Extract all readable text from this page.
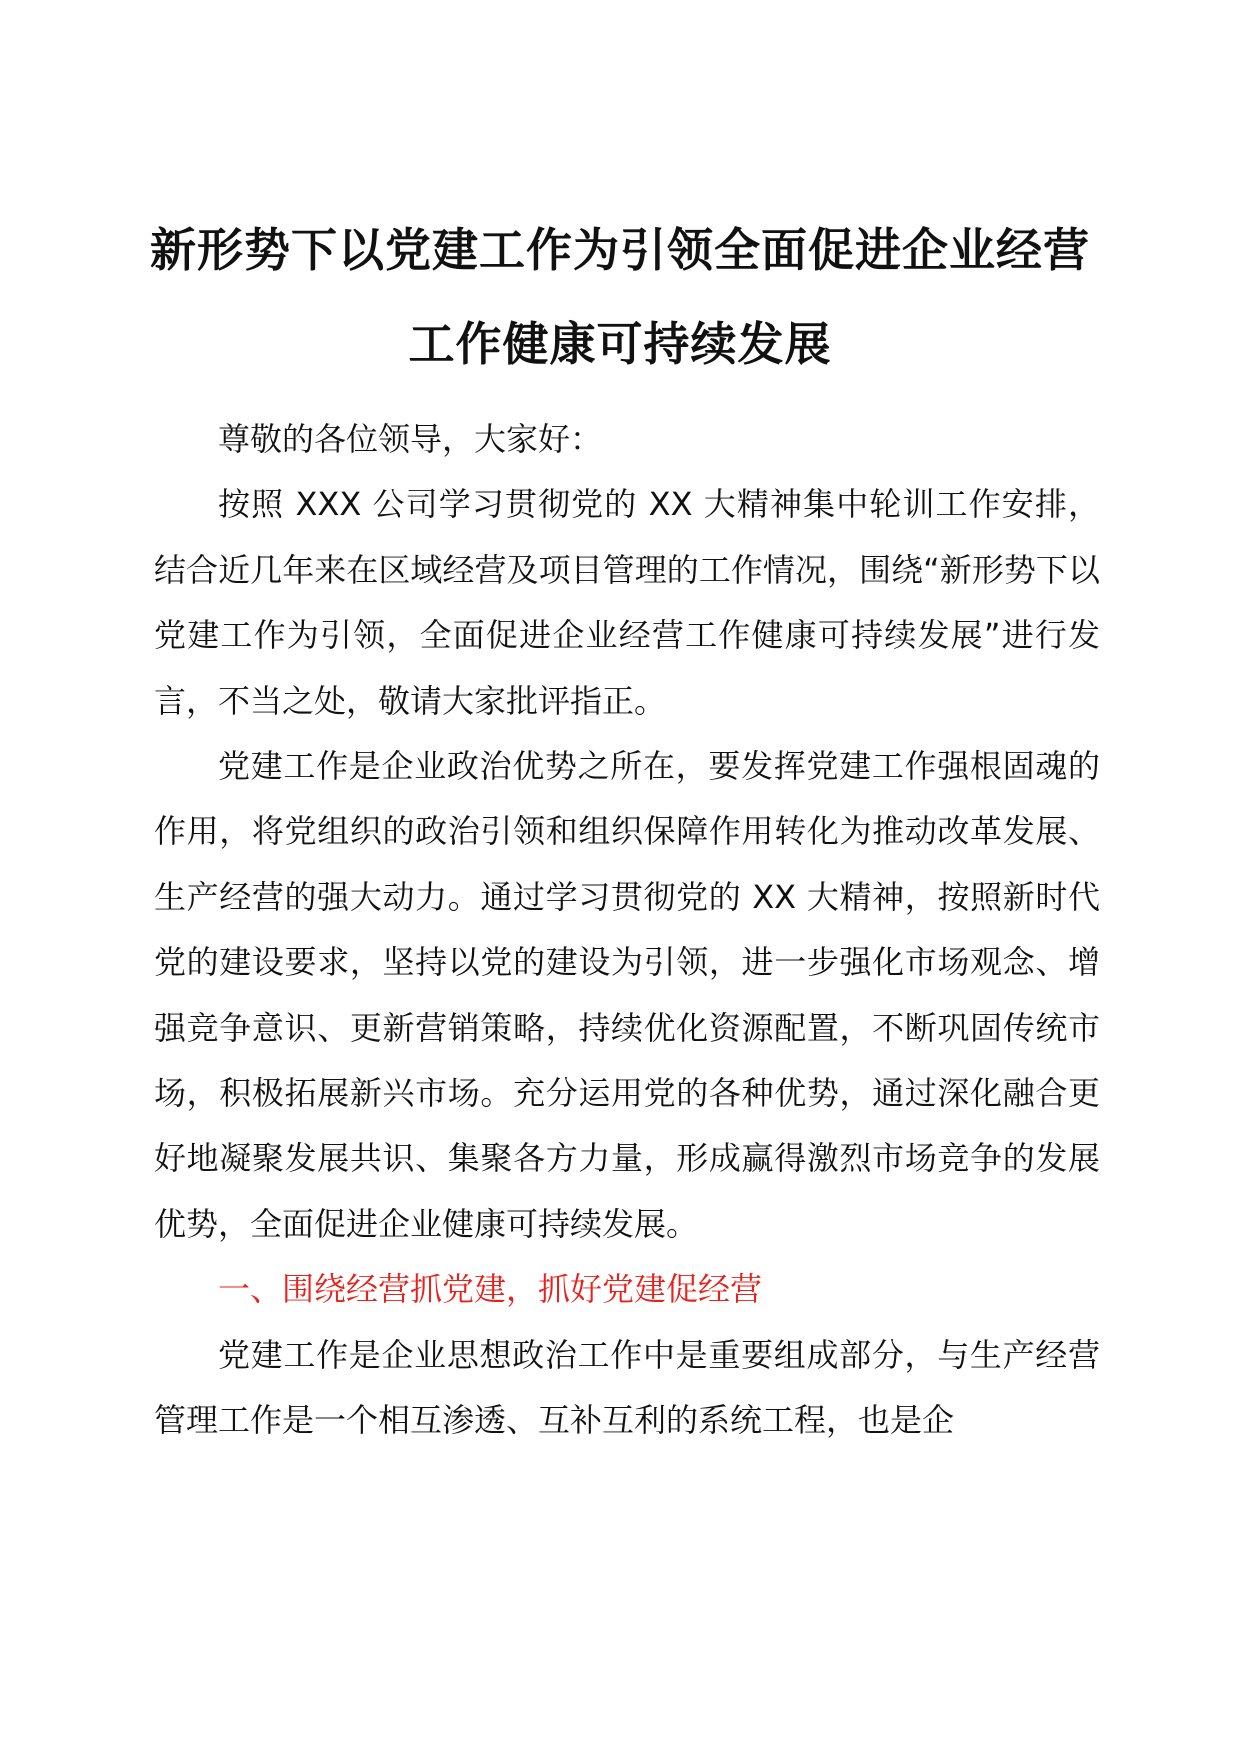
新形势下以党建工作为引领全面促进企业经营
工作健康可持续发展

尊敬的各位领导，大家好：

按照 XXX 公司学习贯彻党的 XX 大精神集中轮训工作安排，结合近几年来在区域经营及项目管理的工作情况，围绕“新形势下以党建工作为引领，全面促进企业经营工作健康可持续发展”进行发言，不当之处，敬请大家批评指正。

党建工作是企业政治优势之所在，要发挥党建工作强根固魂的作用，将党组织的政治引领和组织保障作用转化为推动改革发展、生产经营的强大动力。通过学习贯彻党的 XX 大精神，按照新时代党的建设要求，坚持以党的建设为引领，进一步强化市场观念、增强竞争意识、更新营销策略，持续优化资源配置，不断巩固传统市场，积极拓展新兴市场。充分运用党的各种优势，通过深化融合更好地凝聚发展共识、集聚各方力量，形成赢得激烈市场竞争的发展优势，全面促进企业健康可持续发展。

一、围绕经营抓党建，抓好党建促经营

党建工作是企业思想政治工作中是重要组成部分，与生产经营管理工作是一个相互渗透、互补互利的系统工程，也是企
